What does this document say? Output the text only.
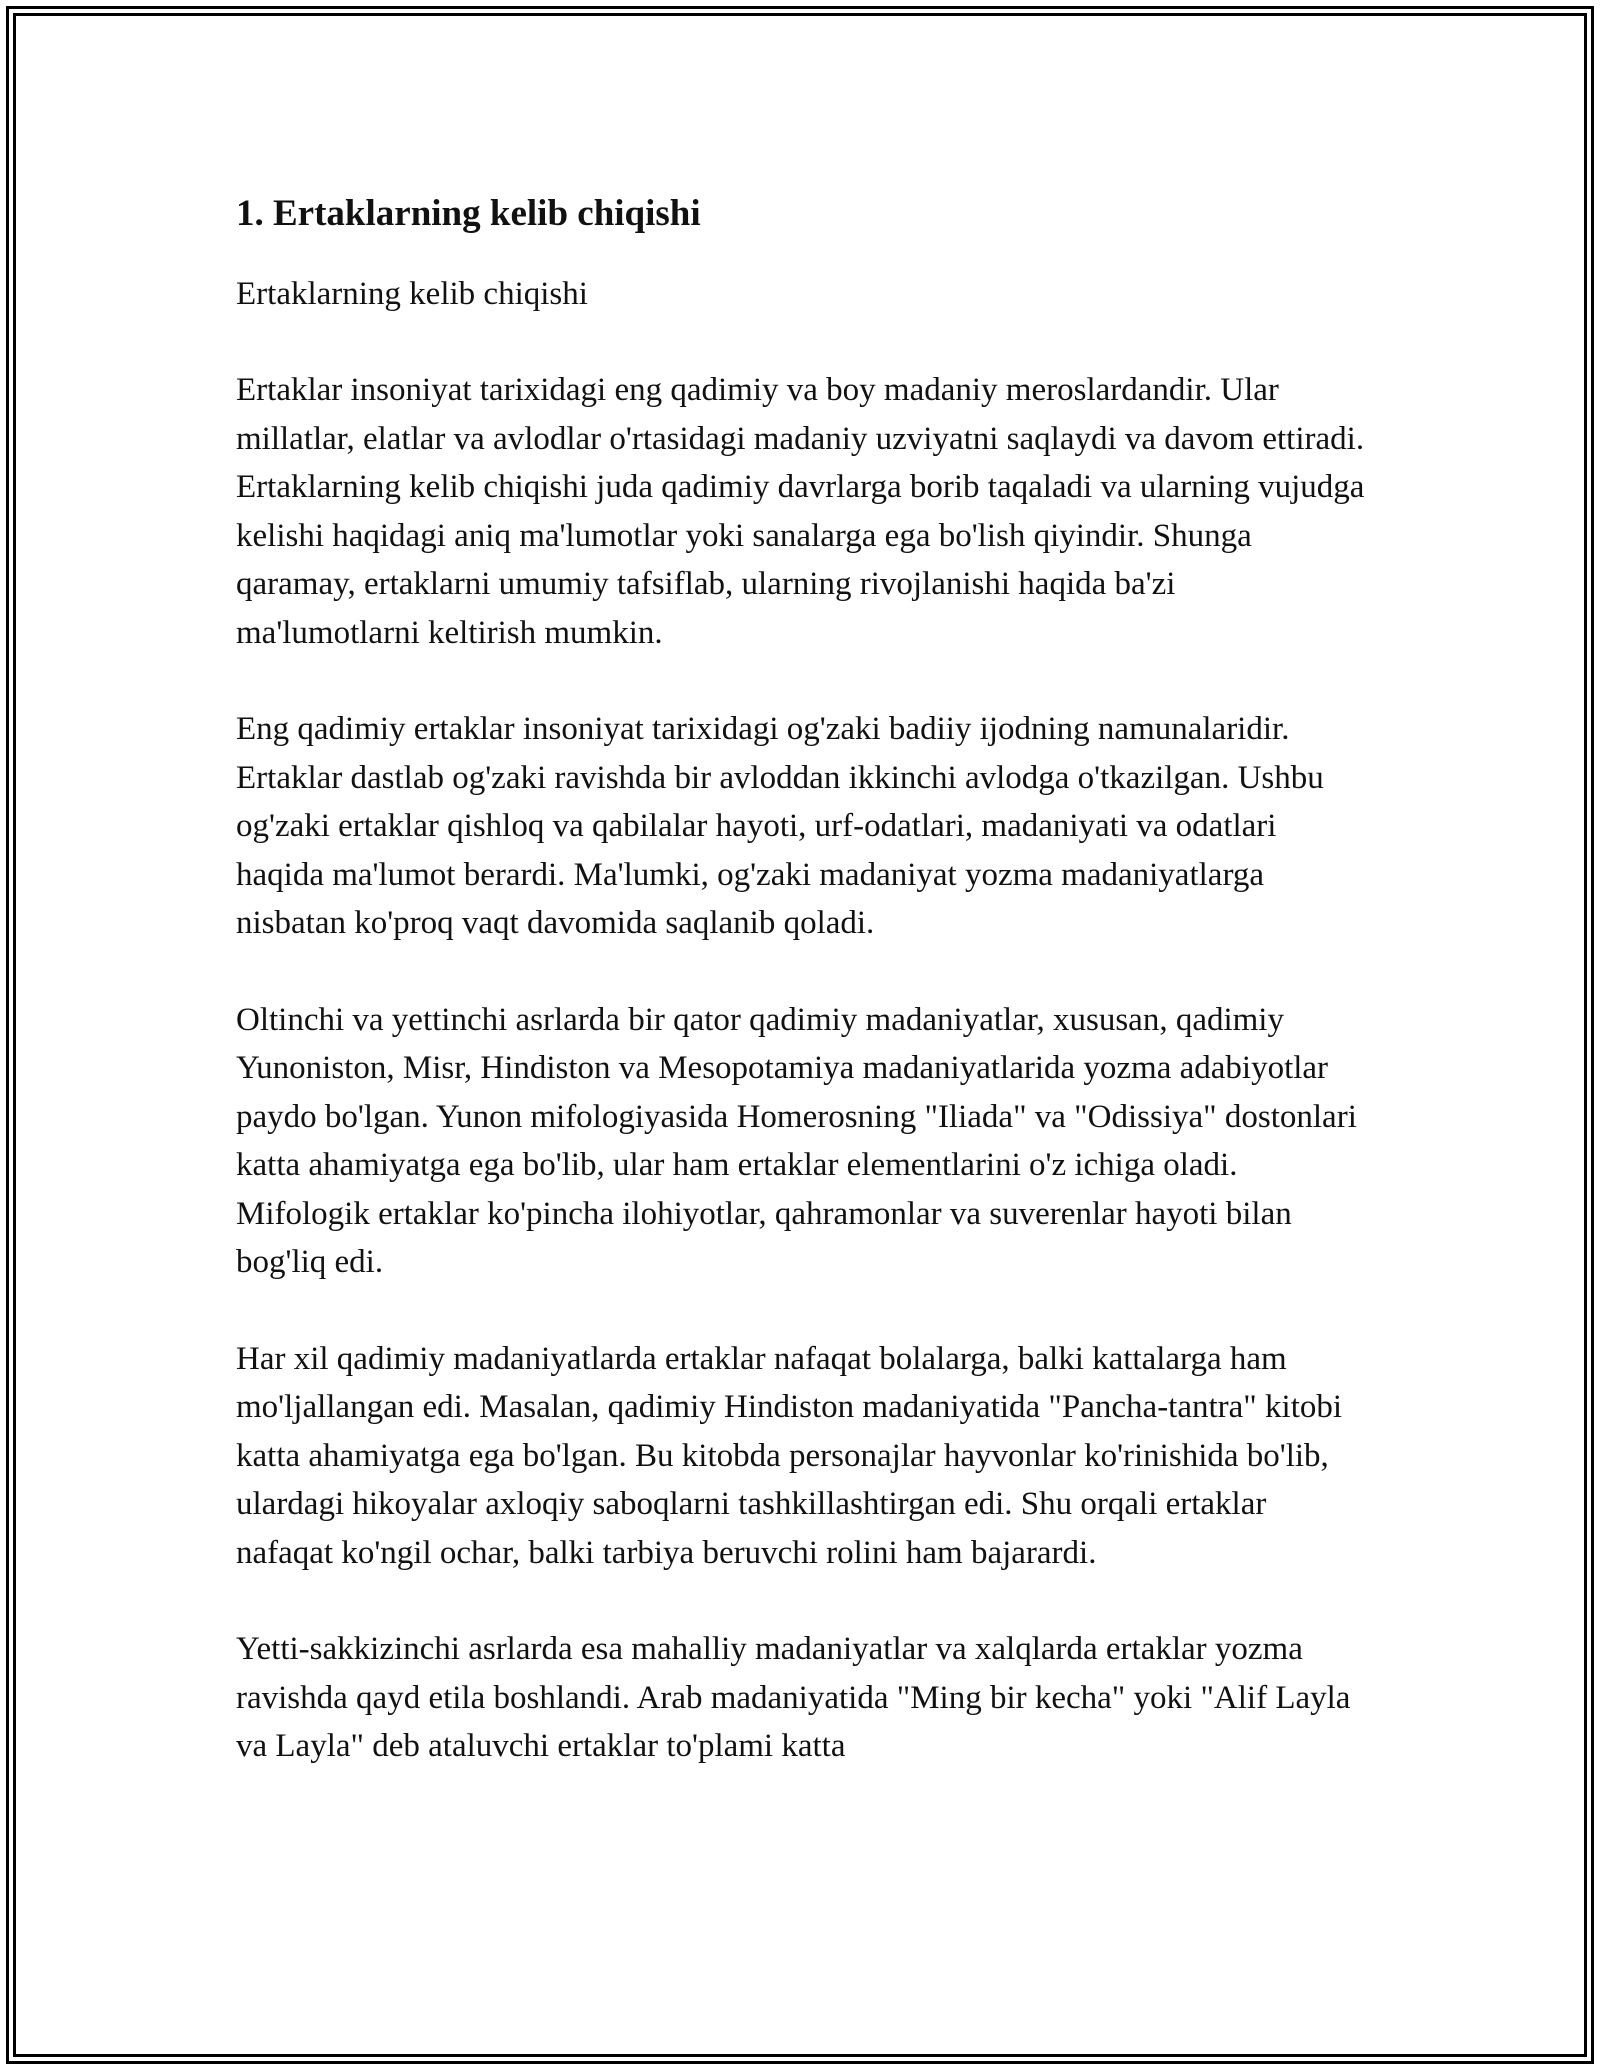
1. Ertaklarning kelib chiqishi

Ertaklarning kelib chiqishi

Ertaklar insoniyat tarixidagi eng qadimiy va boy madaniy meroslardandir. Ular millatlar, elatlar va avlodlar o'rtasidagi madaniy uzviyatni saqlaydi va davom ettiradi. Ertaklarning kelib chiqishi juda qadimiy davrlarga borib taqaladi va ularning vujudga kelishi haqidagi aniq ma'lumotlar yoki sanalarga ega bo'lish qiyindir. Shunga qaramay, ertaklarni umumiy tafsiflab, ularning rivojlanishi haqida ba'zi ma'lumotlarni keltirish mumkin.

Eng qadimiy ertaklar insoniyat tarixidagi og'zaki badiiy ijodning namunalaridir. Ertaklar dastlab og'zaki ravishda bir avloddan ikkinchi avlodga o'tkazilgan. Ushbu og'zaki ertaklar qishloq va qabilalar hayoti, urf-odatlari, madaniyati va odatlari haqida ma'lumot berardi. Ma'lumki, og'zaki madaniyat yozma madaniyatlarga nisbatan ko'proq vaqt davomida saqlanib qoladi.

Oltinchi va yettinchi asrlarda bir qator qadimiy madaniyatlar, xususan, qadimiy Yunoniston, Misr, Hindiston va Mesopotamiya madaniyatlarida yozma adabiyotlar paydo bo'lgan. Yunon mifologiyasida Homerosning "Iliada" va "Odissiya" dostonlari katta ahamiyatga ega bo'lib, ular ham ertaklar elementlarini o'z ichiga oladi. Mifologik ertaklar ko'pincha ilohiyotlar, qahramonlar va suverenlar hayoti bilan bog'liq edi.

Har xil qadimiy madaniyatlarda ertaklar nafaqat bolalarga, balki kattalarga ham mo'ljallangan edi. Masalan, qadimiy Hindiston madaniyatida "Pancha-tantra" kitobi katta ahamiyatga ega bo'lgan. Bu kitobda personajlar hayvonlar ko'rinishida bo'lib, ulardagi hikoyalar axloqiy saboqlarni tashkillashtirgan edi. Shu orqali ertaklar nafaqat ko'ngil ochar, balki tarbiya beruvchi rolini ham bajarardi.

Yetti-sakkizinchi asrlarda esa mahalliy madaniyatlar va xalqlarda ertaklar yozma ravishda qayd etila boshlandi. Arab madaniyatida "Ming bir kecha" yoki "Alif Layla va Layla" deb ataluvchi ertaklar to'plami katta
